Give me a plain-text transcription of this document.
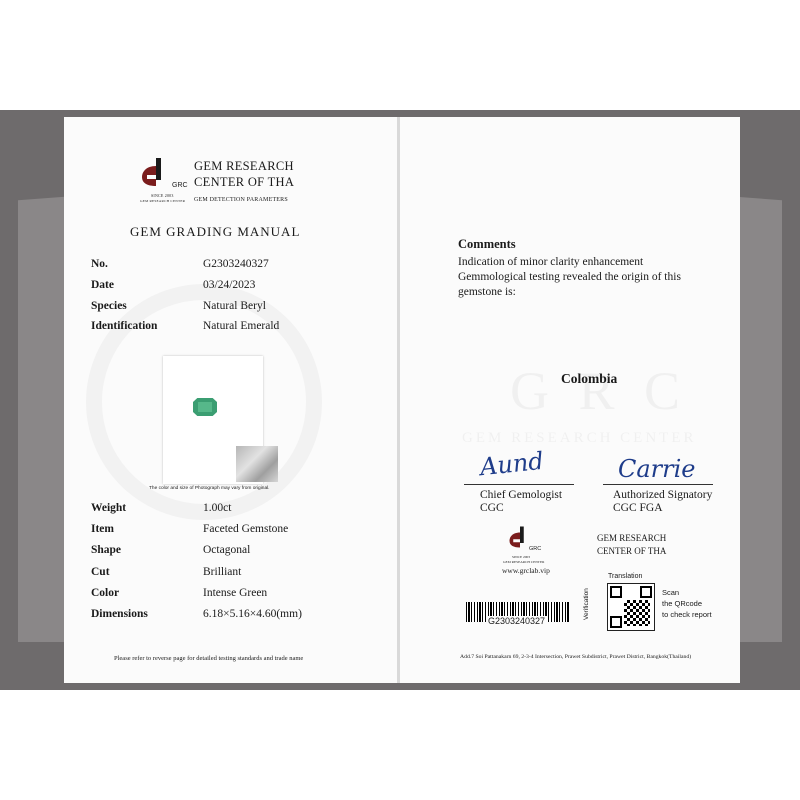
GRC
SINCE 2003
GEM RESEARCH CENTER
GEM RESEARCH
CENTER OF THA
GEM DETECTION PARAMETERS
GEM GRADING MANUAL
No.	G2303240327
Date	03/24/2023
Species	Natural Beryl
Identification	Natural Emerald
The color and size of Photograph may vary from original.
Weight	1.00ct
Item	Faceted Gemstone
Shape	Octagonal
Cut	Brilliant
Color	Intense Green
Dimensions	6.18×5.16×4.60(mm)
Please refer to reverse page for detailed testing standards and trade name
Comments
Indication of minor clarity enhancement
Gemmological testing revealed the origin of this
gemstone is:
Colombia
Aund
Chief Gemologist
CGC
Carrie
Authorized Signatory
CGC FGA
GRC
SINCE 2003
GEM RESEARCH CENTER
www.grclab.vip
GEM RESEARCH
CENTER OF THA
G2303240327
Translation
Verification	Scan
the QRcode
to check report
Add.7 Soi Pattanakarn 69, 2-3-4 Intersection, Prawet Subdistrict, Prawet District, Bangkok(Thailand)
